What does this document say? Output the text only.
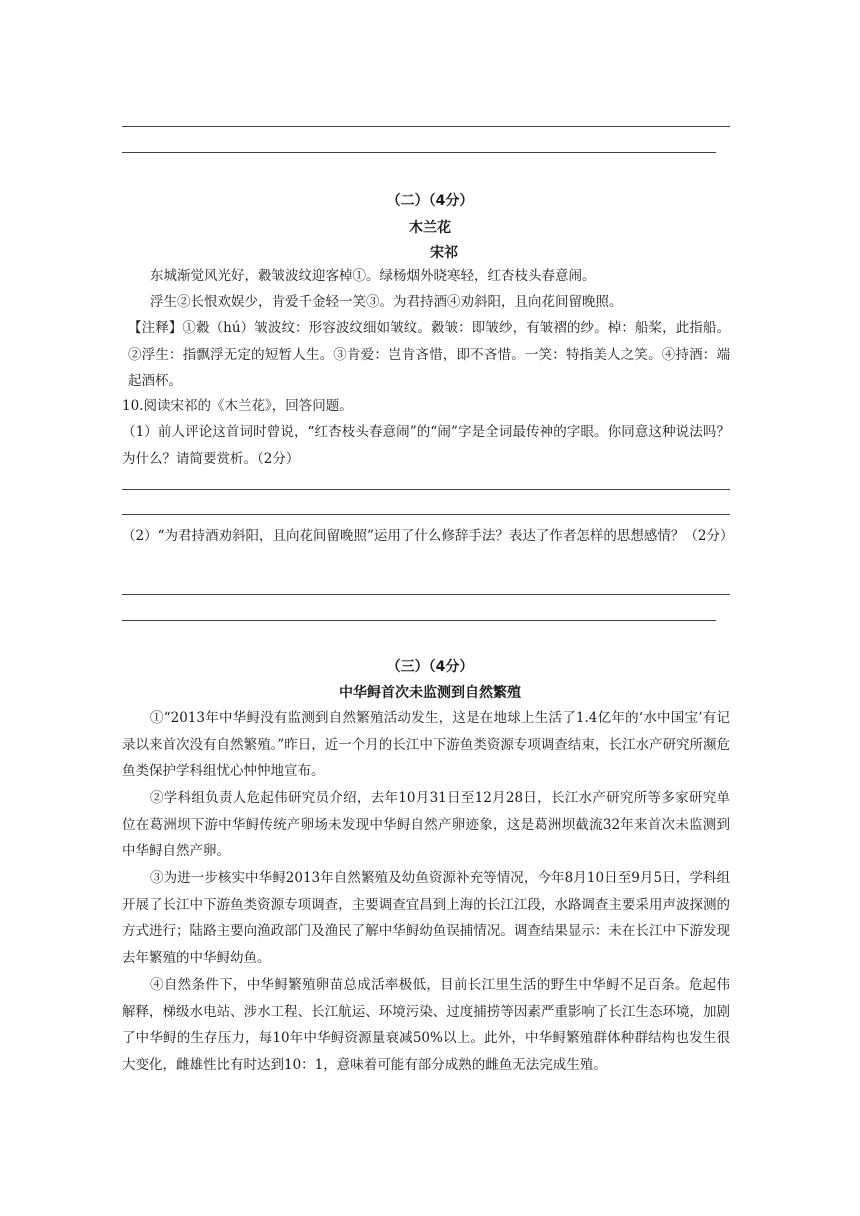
（二）（4分）
木兰花
宋祁
东城渐觉风光好，縠皱波纹迎客棹①。绿杨烟外晓寒轻，红杏枝头春意闹。
浮生②长恨欢娱少，肯爱千金轻一笑③。为君持酒④劝斜阳，且向花间留晚照。
【注释】①縠（hú）皱波纹：形容波纹细如皱纹。縠皱：即皱纱，有皱褶的纱。棹：船桨，此指船。②浮生：指飘浮无定的短暂人生。③肯爱：岂肯吝惜，即不吝惜。一笑：特指美人之笑。④持酒：端起酒杯。
10.阅读宋祁的《木兰花》，回答问题。
（1）前人评论这首词时曾说，“红杏枝头春意闹”的“闹”字是全词最传神的字眼。你同意这种说法吗？为什么？请简要赏析。（2分）
（2）“为君持酒劝斜阳，且向花间留晚照”运用了什么修辞手法？表达了作者怎样的思想感情？（2分）
（三）（4分）
中华鲟首次未监测到自然繁殖
①“2013年中华鲟没有监测到自然繁殖活动发生，这是在地球上生活了1.4亿年的‘水中国宝’有记录以来首次没有自然繁殖。”昨日，近一个月的长江中下游鱼类资源专项调查结束，长江水产研究所濒危鱼类保护学科组忧心忡忡地宣布。
②学科组负责人危起伟研究员介绍，去年10月31日至12月28日，长江水产研究所等多家研究单位在葛洲坝下游中华鲟传统产卵场未发现中华鲟自然产卵迹象，这是葛洲坝截流32年来首次未监测到中华鲟自然产卵。
③为进一步核实中华鲟2013年自然繁殖及幼鱼资源补充等情况，今年8月10日至9月5日，学科组开展了长江中下游鱼类资源专项调查，主要调查宜昌到上海的长江江段，水路调查主要采用声波探测的方式进行；陆路主要向渔政部门及渔民了解中华鲟幼鱼误捕情况。调查结果显示：未在长江中下游发现去年繁殖的中华鲟幼鱼。
④自然条件下，中华鲟繁殖卵苗总成活率极低，目前长江里生活的野生中华鲟不足百条。危起伟解释，梯级水电站、涉水工程、长江航运、环境污染、过度捕捞等因素严重影响了长江生态环境，加剧了中华鲟的生存压力，每10年中华鲟资源量衰减50%以上。此外，中华鲟繁殖群体种群结构也发生很大变化，雌雄性比有时达到10：1，意味着可能有部分成熟的雌鱼无法完成生殖。
